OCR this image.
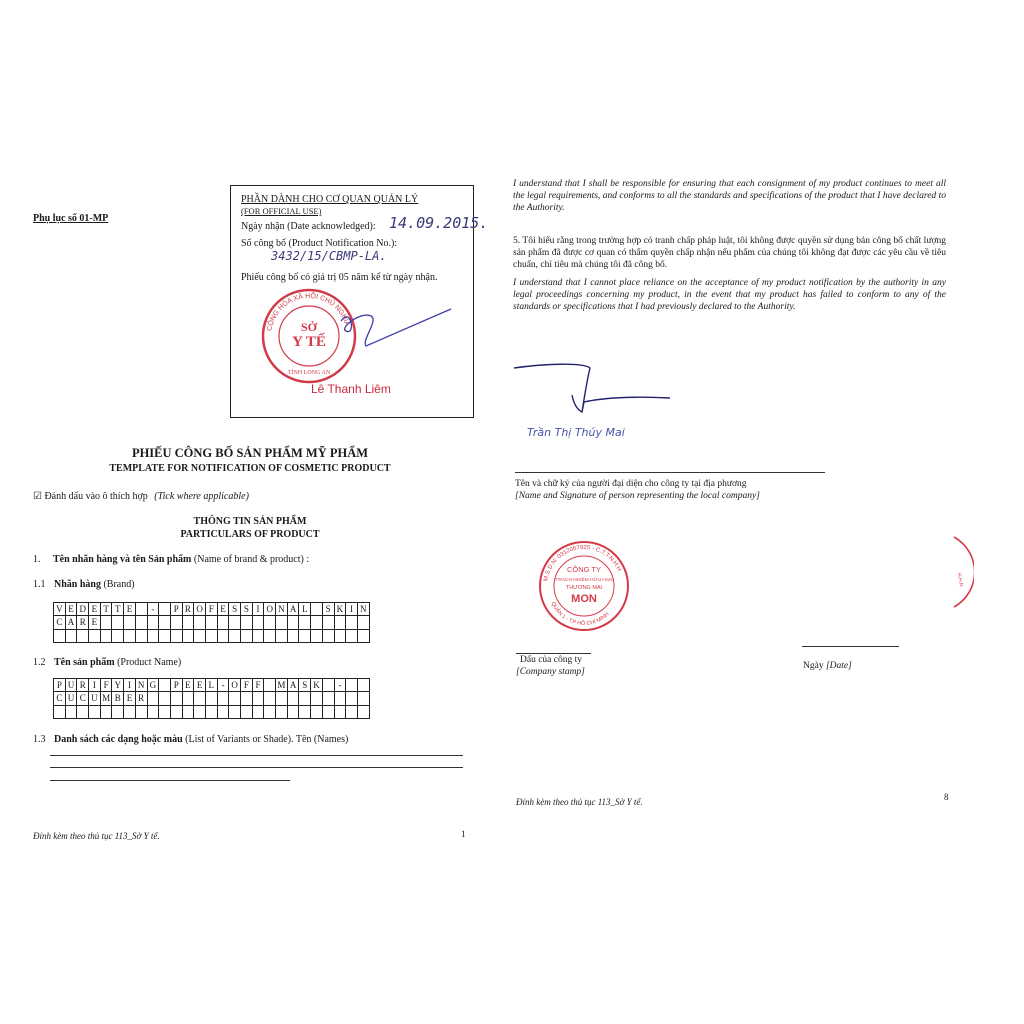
Phụ lục số 01-MP
PHẦN DÀNH CHO CƠ QUAN QUẢN LÝ
(FOR OFFICIAL USE)
Ngày nhận (Date acknowledged): 14.09.2015.
Số công bố (Product Notification No.):
3432/15/CBMP-LA.
Phiếu công bố có giá trị 05 năm kể từ ngày nhận.
CỘNG HÒA XÃ HỘI CHỦ NGHĨA
SỞ
Y TẾ
TỈNH LONG AN
Lê Thanh Liêm
PHIẾU CÔNG BỐ SẢN PHẨM MỸ PHẨM
TEMPLATE FOR NOTIFICATION OF COSMETIC PRODUCT
☑ Đánh dấu vào ô thích hợp (Tick where applicable)
THÔNG TIN SẢN PHẨM
PARTICULARS OF PRODUCT
1. Tên nhãn hàng và tên Sản phẩm (Name of brand & product) :
1.1 Nhãn hàng (Brand)
V	E	D	E	T	T	E		-		P	R	O	F	E	S	S	I	O	N	A	L		S	K	I	N
C	A	R	E																							

1.2 Tên sản phẩm (Product Name)
P	U	R	I	F	Y	I	N	G		P	E	E	L	-	O	F	F		M	A	S	K		-		
C	U	C	U	M	B	E	R																			

1.3 Danh sách các dạng hoặc màu (List of Variants or Shade). Tên (Names)
Đính kèm theo thủ tục 113_Sở Y tế.	1
I understand that I shall be responsible for ensuring that each consignment of my product continues to meet all the legal requirements, and conforms to all the standards and specifications of the product that I have declared to the Authority.
5. Tôi hiểu rằng trong trường hợp có tranh chấp pháp luật, tôi không được quyền sử dụng bản công bố chất lượng sản phẩm đã được cơ quan có thẩm quyền chấp nhận nếu phẩm của chúng tôi không đạt được các yêu cầu về tiêu chuẩn, chỉ tiêu mà chúng tôi đã công bố.
I understand that I cannot place reliance on the acceptance of my product notification by the authority in any legal proceedings concerning my product, in the event that my product has failed to conform to any of the standards or specifications that I had previously declared to the Authority.
Trần Thị Thúy Mai
Tên và chữ ký của người đại diện cho công ty tại địa phương
[Name and Signature of person representing the local company]
M.S.D.N: 0312057925 - C.T.T.N.H.H
QUẬN 1 - T.P HỒ CHÍ MINH
CÔNG TY
TRÁCH NHIỆM HỮU HẠN
THƯƠNG MẠI
MON
H.H.N
Dấu của công ty
[Company stamp]
Ngày [Date]
Đính kèm theo thủ tục 113_Sở Y tế.	8
